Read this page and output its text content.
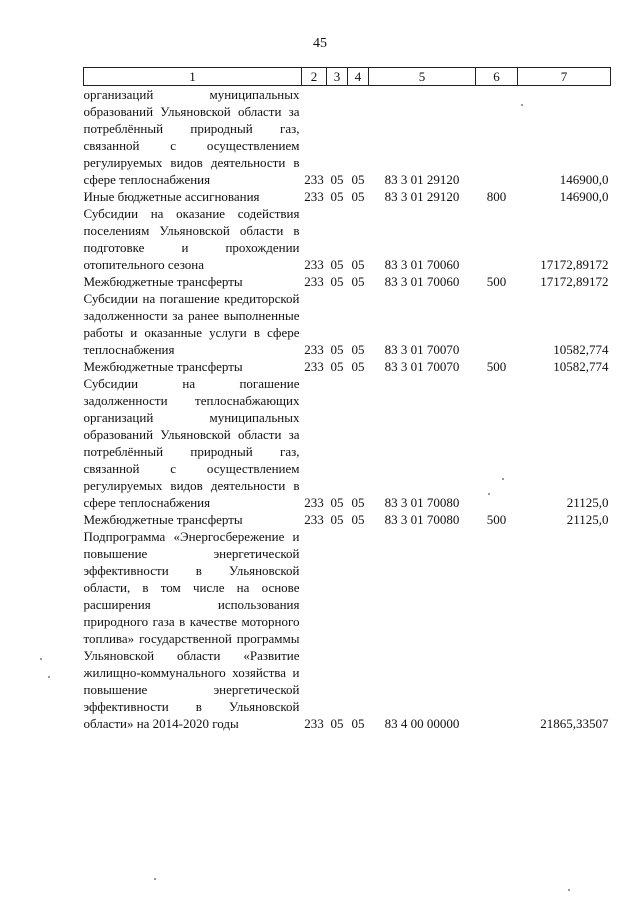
45
1	2	3	4	5	6	7
организаций муниципальных образований Ульяновской области за потреблённый природный газ, связанной с осуществлением регулируемых видов деятельности в сфере теплоснабжения	233	05	05	83 3 01 29120		146900,0
Иные бюджетные ассигнования	233	05	05	83 3 01 29120	800	146900,0
Субсидии на оказание содействия поселениям Ульяновской области в подготовке и прохождении отопительного сезона	233	05	05	83 3 01 70060		17172,89172
Межбюджетные трансферты	233	05	05	83 3 01 70060	500	17172,89172
Субсидии на погашение кредиторской задолженности за ранее выполненные работы и оказанные услуги в сфере теплоснабжения	233	05	05	83 3 01 70070		10582,774
Межбюджетные трансферты	233	05	05	83 3 01 70070	500	10582,774
Субсидии на погашение задолженности теплоснабжающих организаций муниципальных образований Ульяновской области за потреблённый природный газ, связанной с осуществлением регулируемых видов деятельности в сфере теплоснабжения	233	05	05	83 3 01 70080		21125,0
Межбюджетные трансферты	233	05	05	83 3 01 70080	500	21125,0
Подпрограмма «Энергосбережение и повышение энергетической эффективности в Ульяновской области, в том числе на основе расширения использования природного газа в качестве моторного топлива» государственной программы Ульяновской области «Развитие жилищно-коммунального хозяйства и повышение энергетической эффективности в Ульяновской области» на 2014-2020 годы	233	05	05	83 4 00 00000		21865,33507
